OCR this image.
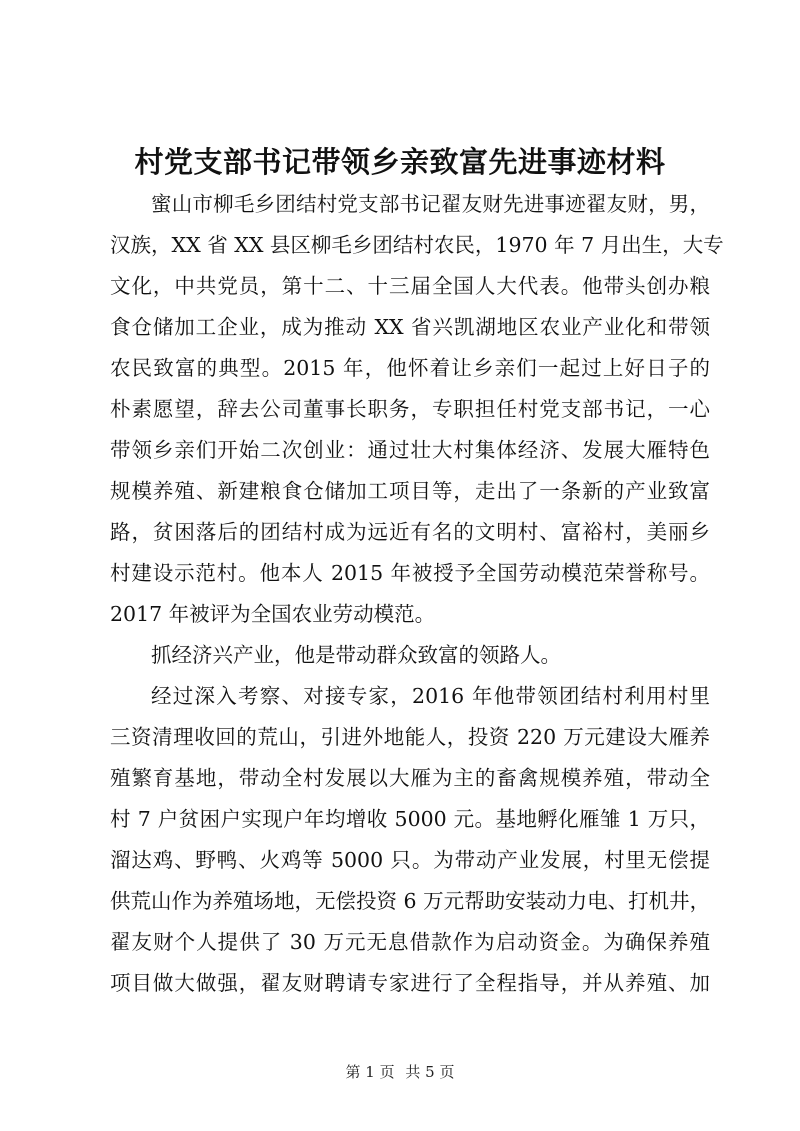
村党支部书记带领乡亲致富先进事迹材料
蜜山市柳毛乡团结村党支部书记翟友财先进事迹翟友财，男，
汉族，XX 省 XX 县区柳毛乡团结村农民，1970 年 7 月出生，大专
文化，中共党员，第十二、十三届全国人大代表。他带头创办粮
食仓储加工企业，成为推动 XX 省兴凯湖地区农业产业化和带领
农民致富的典型。2015 年，他怀着让乡亲们一起过上好日子的
朴素愿望，辞去公司董事长职务，专职担任村党支部书记，一心
带领乡亲们开始二次创业：通过壮大村集体经济、发展大雁特色
规模养殖、新建粮食仓储加工项目等，走出了一条新的产业致富
路，贫困落后的团结村成为远近有名的文明村、富裕村，美丽乡
村建设示范村。他本人 2015 年被授予全国劳动模范荣誉称号。
2017 年被评为全国农业劳动模范。
抓经济兴产业，他是带动群众致富的领路人。
经过深入考察、对接专家，2016 年他带领团结村利用村里
三资清理收回的荒山，引进外地能人，投资 220 万元建设大雁养
殖繁育基地，带动全村发展以大雁为主的畜禽规模养殖，带动全
村 7 户贫困户实现户年均增收 5000 元。基地孵化雁雏 1 万只，
溜达鸡、野鸭、火鸡等 5000 只。为带动产业发展，村里无偿提
供荒山作为养殖场地，无偿投资 6 万元帮助安装动力电、打机井，
翟友财个人提供了 30 万元无息借款作为启动资金。为确保养殖
项目做大做强，翟友财聘请专家进行了全程指导，并从养殖、加
第 1 页 共 5 页
